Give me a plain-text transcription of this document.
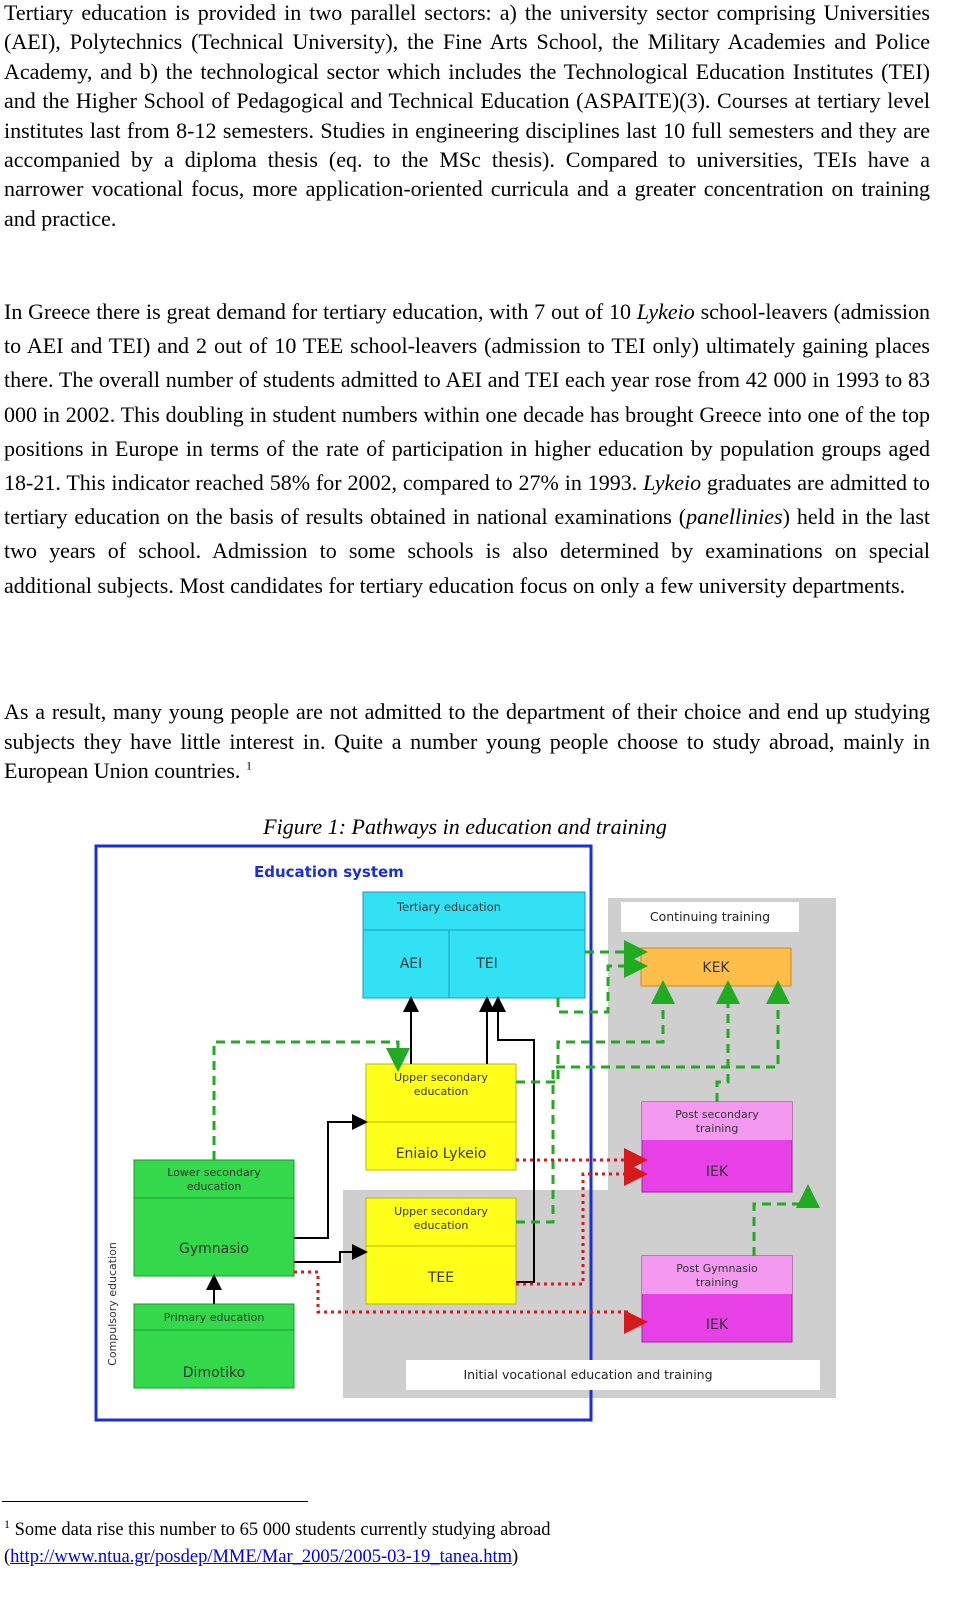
Tertiary education is provided in two parallel sectors: a) the university sector comprising Universities (AEI), Polytechnics (Technical University), the Fine Arts School, the Military Academies and Police Academy, and b) the technological sector which includes the Technological Education Institutes (TEI) and the Higher School of Pedagogical and Technical Education (ASPAITE)(3). Courses at tertiary level institutes last from 8-12 semesters. Studies in engineering disciplines last 10 full semesters and they are accompanied by a diploma thesis (eq. to the MSc thesis). Compared to universities, TEIs have a narrower vocational focus, more application-oriented curricula and a greater concentration on training and practice.

In Greece there is great demand for tertiary education, with 7 out of 10 Lykeio school-leavers (admission to AEI and TEI) and 2 out of 10 TEE school-leavers (admission to TEI only) ultimately gaining places there. The overall number of students admitted to AEI and TEI each year rose from 42 000 in 1993 to 83 000 in 2002. This doubling in student numbers within one decade has brought Greece into one of the top positions in Europe in terms of the rate of participation in higher education by population groups aged 18-21. This indicator reached 58% for 2002, compared to 27% in 1993. Lykeio graduates are admitted to tertiary education on the basis of results obtained in national examinations (panellinies) held in the last two years of school. Admission to some schools is also determined by examinations on special additional subjects. Most candidates for tertiary education focus on only a few university departments.

As a result, many young people are not admitted to the department of their choice and end up studying subjects they have little interest in. Quite a number young people choose to study abroad, mainly in European Union countries. $^1$

Figure 1: Pathways in education and training
Education system
Continuing training
Tertiary education
AEI	TEI	KEK
Upper secondary
education
Eniaio Lykeio
Upper secondary
education
TEE
Lower secondary
education
Gymnasio
Primary education
Dimotiko
Compulsory education
Post secondary
training
IEK
Post Gymnasio
training
IEK
Initial vocational education and training
$^1$ Some data rise this number to 65 000 students currently studying abroad
(http://www.ntua.gr/posdep/MME/Mar_2005/2005-03-19_tanea.htm)
